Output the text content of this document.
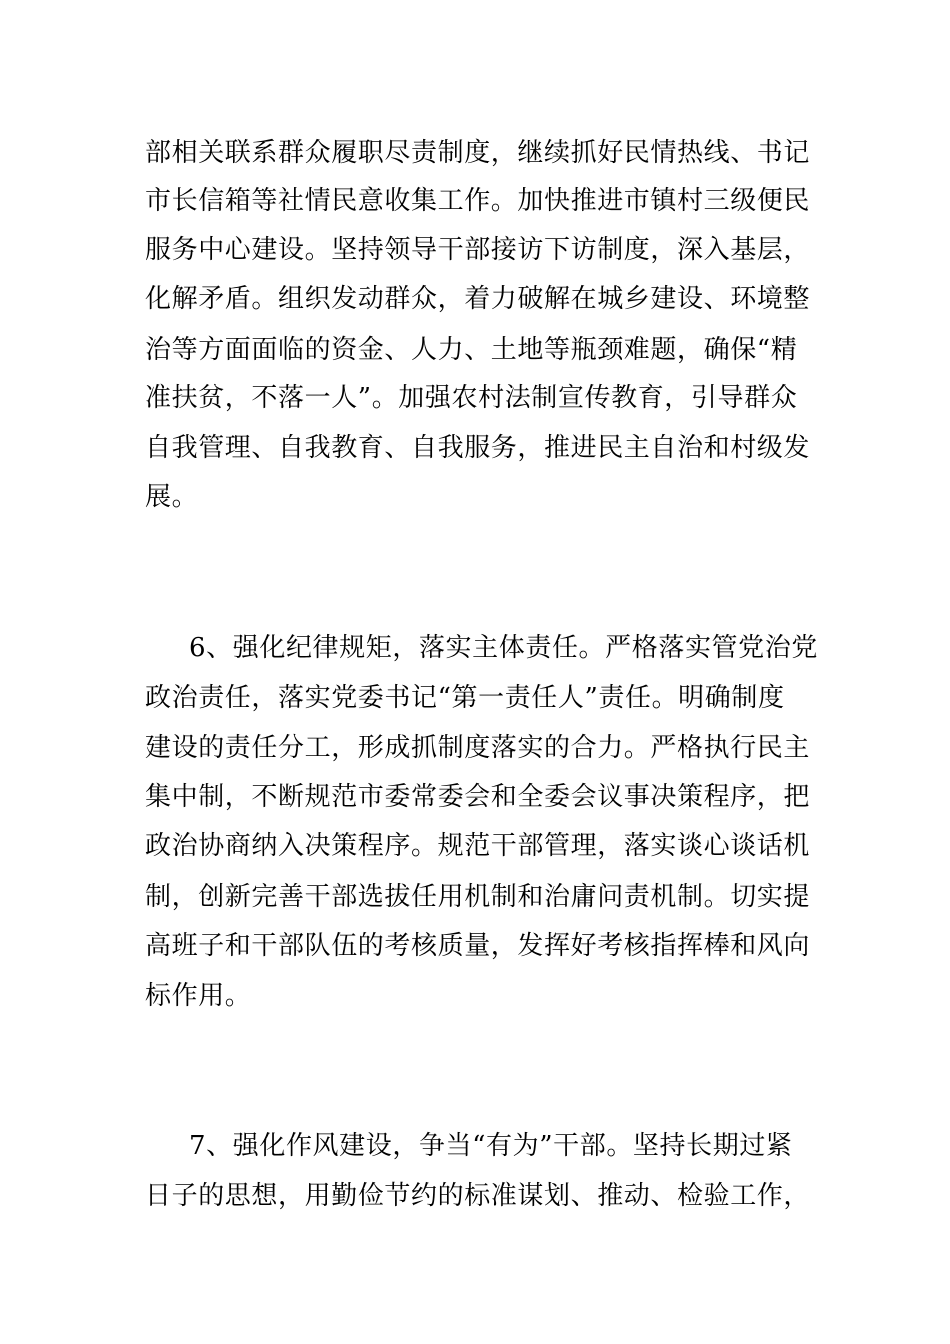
部相关联系群众履职尽责制度，继续抓好民情热线、书记
市长信箱等社情民意收集工作。加快推进市镇村三级便民
服务中心建设。坚持领导干部接访下访制度，深入基层，
化解矛盾。组织发动群众，着力破解在城乡建设、环境整
治等方面面临的资金、人力、土地等瓶颈难题，确保“精
准扶贫，不落一人”。加强农村法制宣传教育，引导群众
自我管理、自我教育、自我服务，推进民主自治和村级发
展。
6、强化纪律规矩，落实主体责任。严格落实管党治党
政治责任，落实党委书记“第一责任人”责任。明确制度
建设的责任分工，形成抓制度落实的合力。严格执行民主
集中制，不断规范市委常委会和全委会议事决策程序，把
政治协商纳入决策程序。规范干部管理，落实谈心谈话机
制，创新完善干部选拔任用机制和治庸问责机制。切实提
高班子和干部队伍的考核质量，发挥好考核指挥棒和风向
标作用。
7、强化作风建设，争当“有为”干部。坚持长期过紧
日子的思想，用勤俭节约的标准谋划、推动、检验工作，
